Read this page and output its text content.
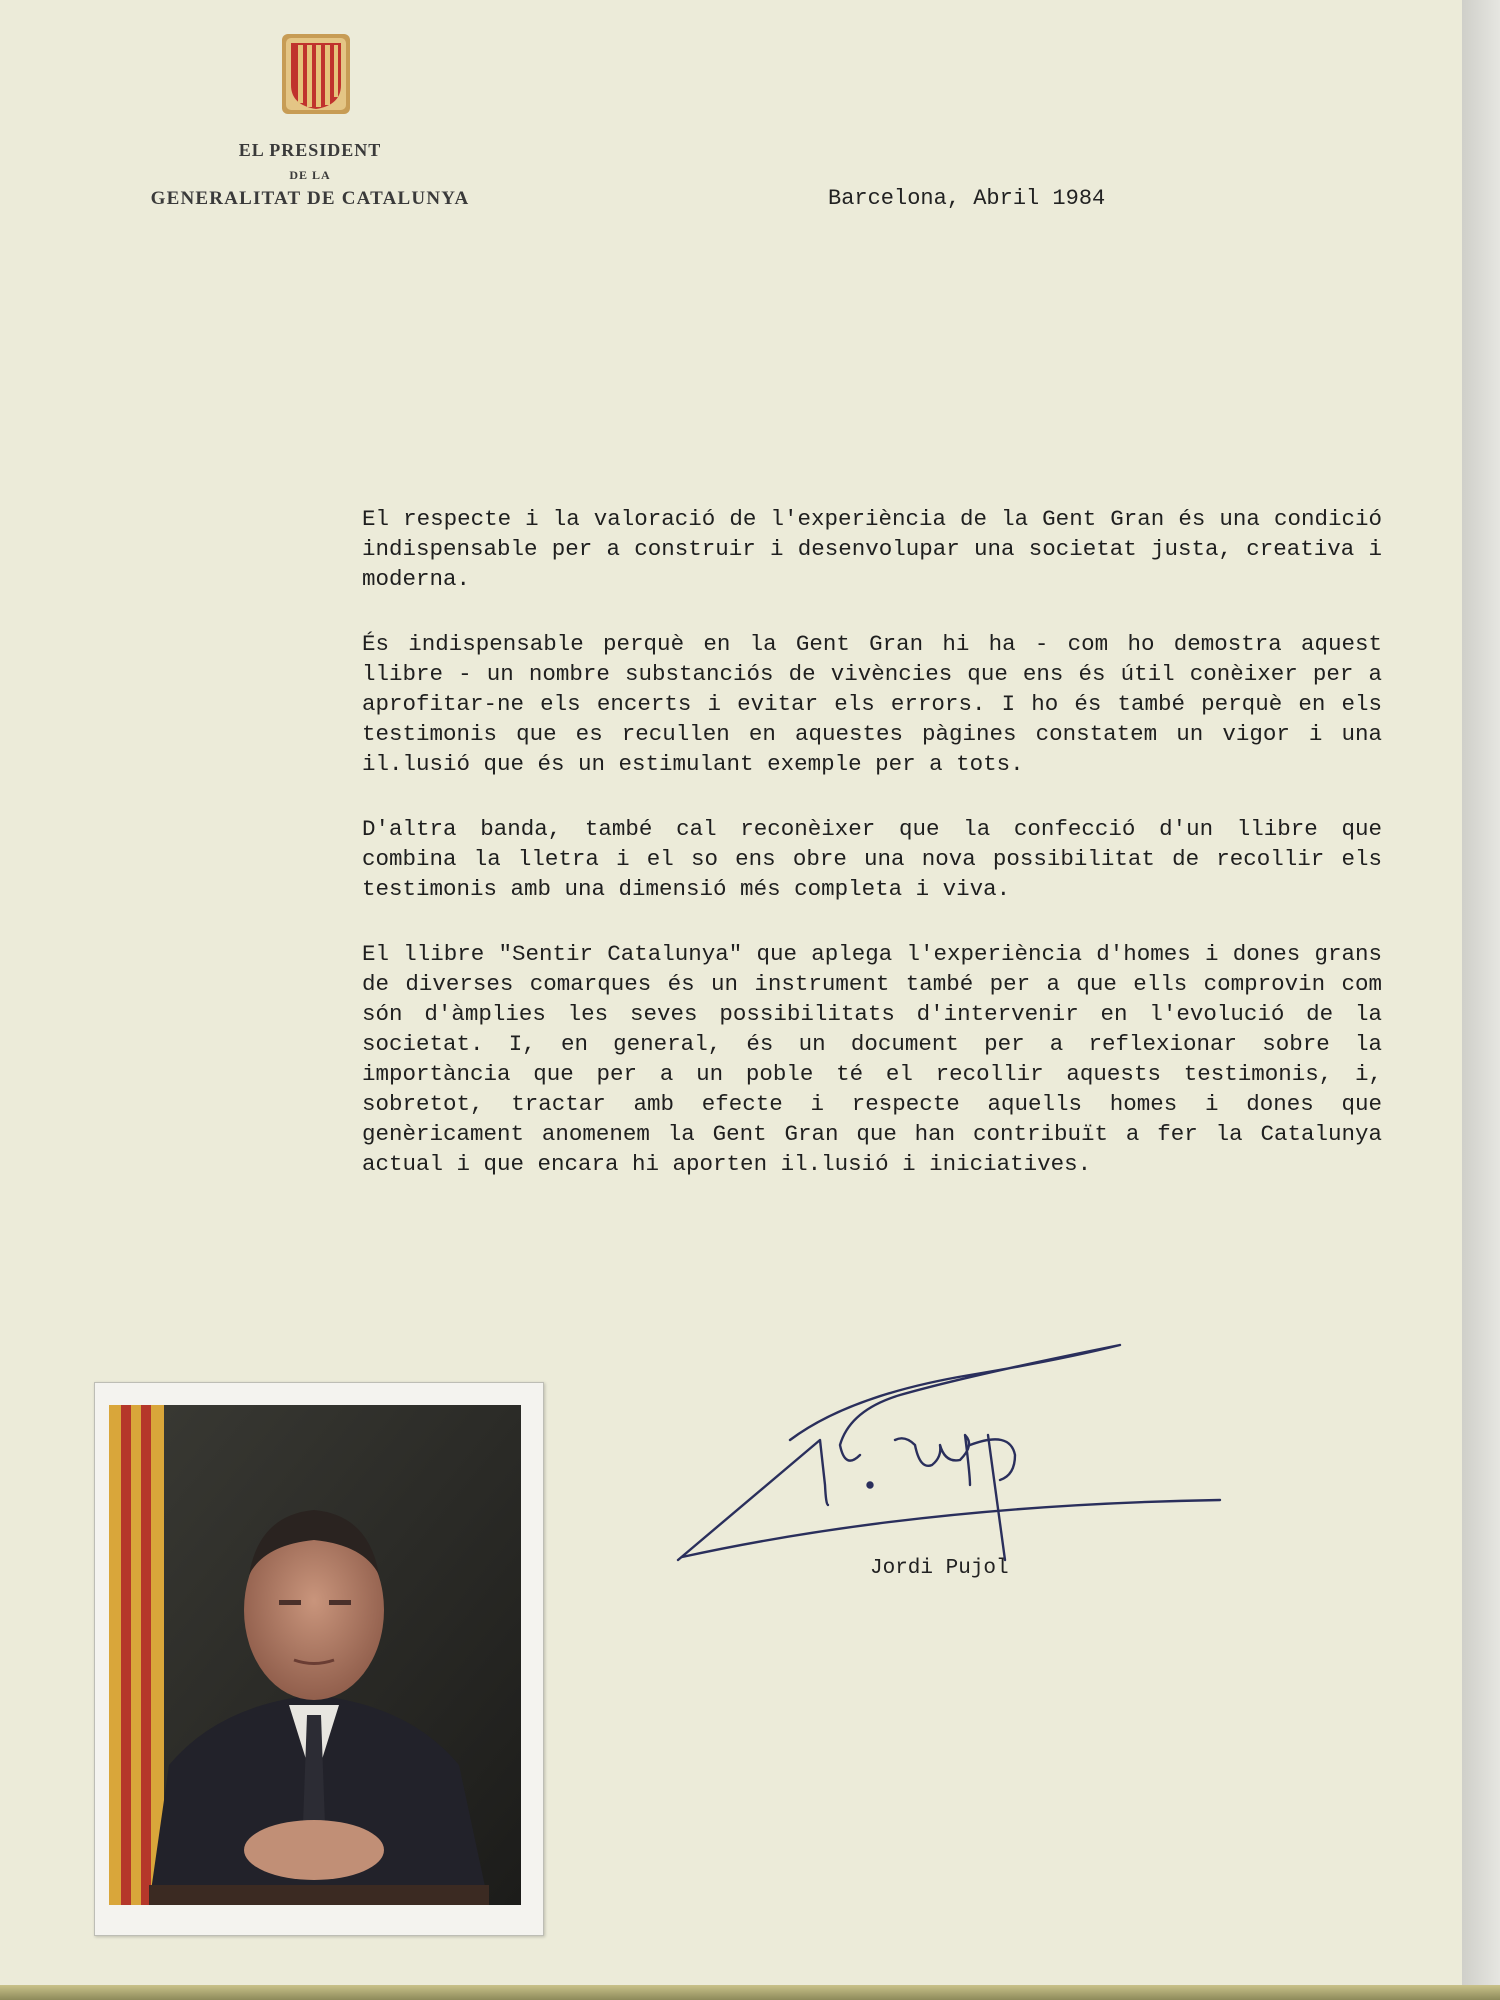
EL PRESIDENT
DE LA
GENERALITAT DE CATALUNYA	Barcelona, Abril 1984

El respecte i la valoració de l'experiència de la Gent Gran és una condició indispensable per a construir i desenvolupar una societat justa, creativa i moderna.

És indispensable perquè en la Gent Gran hi ha - com ho demostra aquest llibre - un nombre substanciós de vivències que ens és útil conèixer per a aprofitar-ne els encerts i evitar els errors. I ho és també perquè en els testimonis que es recullen en aquestes pàgines constatem un vigor i una il.lusió que és un estimulant exemple per a tots.

D'altra banda, també cal reconèixer que la confecció d'un llibre que combina la lletra i el so ens obre una nova possibilitat de recollir els testimonis amb una dimensió més completa i viva.

El llibre "Sentir Catalunya" que aplega l'experiència d'homes i dones grans de diverses comarques és un instrument també per a que ells comprovin com són d'àmplies les seves possibilitats d'intervenir en l'evolució de la societat. I, en general, és un document per a reflexionar sobre la importància que per a un poble té el recollir aquests testimonis, i, sobretot, tractar amb efecte i respecte aquells homes i dones que genèricament anomenem la Gent Gran que han contribuït a fer la Catalunya actual i que encara hi aporten il.lusió i iniciatives.

Jordi Pujol
